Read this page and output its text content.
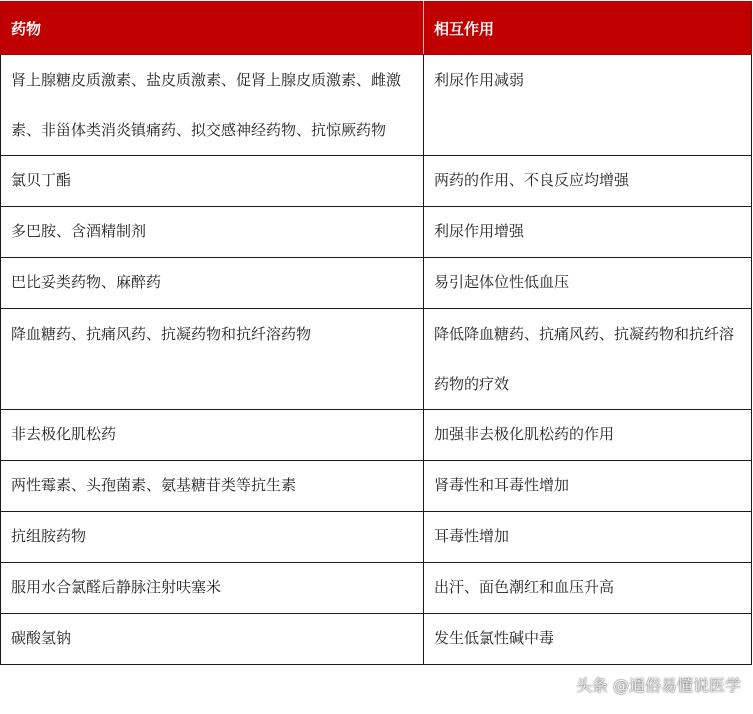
药物	相互作用

肾上腺糖皮质激素、盐皮质激素、促肾上腺皮质激素、雌激素、非甾体类消炎镇痛药、拟交感神经药物、抗惊厥药物	利尿作用减弱

氯贝丁酯	两药的作用、不良反应均增强
多巴胺、含酒精制剂	利尿作用增强
巴比妥类药物、麻醉药	易引起体位性低血压

降血糖药、抗痛风药、抗凝药物和抗纤溶药物	降低降血糖药、抗痛风药、抗凝药物和抗纤溶药物的疗效

非去极化肌松药	加强非去极化肌松药的作用
两性霉素、头孢菌素、氨基糖苷类等抗生素	肾毒性和耳毒性增加
抗组胺药物	耳毒性增加
服用水合氯醛后静脉注射呋塞米	出汗、面色潮红和血压升高
碳酸氢钠	发生低氯性碱中毒
头条 @通俗易懂说医学
